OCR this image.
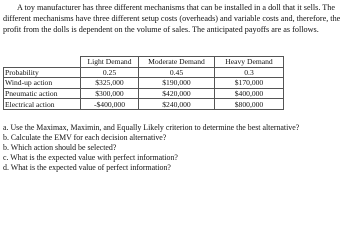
A toy manufacturer has three different mechanisms that can be installed in a doll that it sells. The different mechanisms have three different setup costs (overheads) and variable costs and, therefore, the profit from the dolls is dependent on the volume of sales. The anticipated payoffs are as follows.

	Light Demand	Moderate Demand	Heavy Demand
Probability	0.25	0.45	0.3
Wind-up action	$325,000	$190,000	$170,000
Pneumatic action	$300,000	$420,000	$400,000
Electrical action	-$400,000	$240,000	$800,000
a. Use the Maximax, Maximin, and Equally Likely criterion to determine the best alternative?
b. Calculate the EMV for each decision alternative?
b. Which action should be selected?
c. What is the expected value with perfect information?
d. What is the expected value of perfect information?
